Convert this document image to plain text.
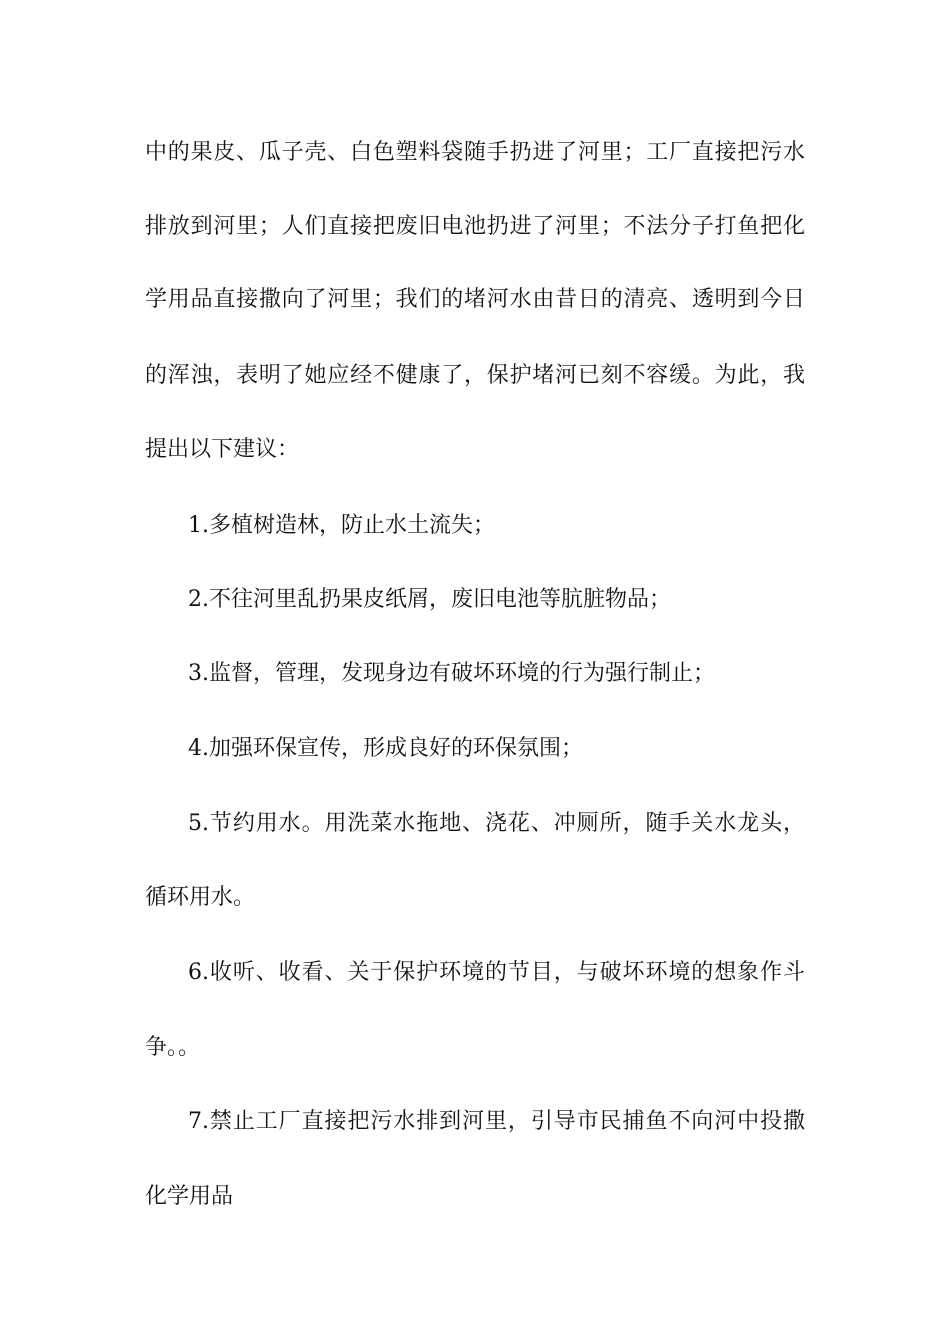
中的果皮、瓜子壳、白色塑料袋随手扔进了河里；工厂直接把污水
排放到河里；人们直接把废旧电池扔进了河里；不法分子打鱼把化
学用品直接撒向了河里；我们的堵河水由昔日的清亮、透明到今日
的浑浊，表明了她应经不健康了，保护堵河已刻不容缓。为此，我
提出以下建议：
1.多植树造林，防止水土流失；
2.不往河里乱扔果皮纸屑，废旧电池等肮脏物品；
3.监督，管理，发现身边有破坏环境的行为强行制止；
4.加强环保宣传，形成良好的环保氛围；
5.节约用水。用洗菜水拖地、浇花、冲厕所，随手关水龙头，
循环用水。
6.收听、收看、关于保护环境的节目，与破坏环境的想象作斗
争。。
7.禁止工厂直接把污水排到河里，引导市民捕鱼不向河中投撒
化学用品
